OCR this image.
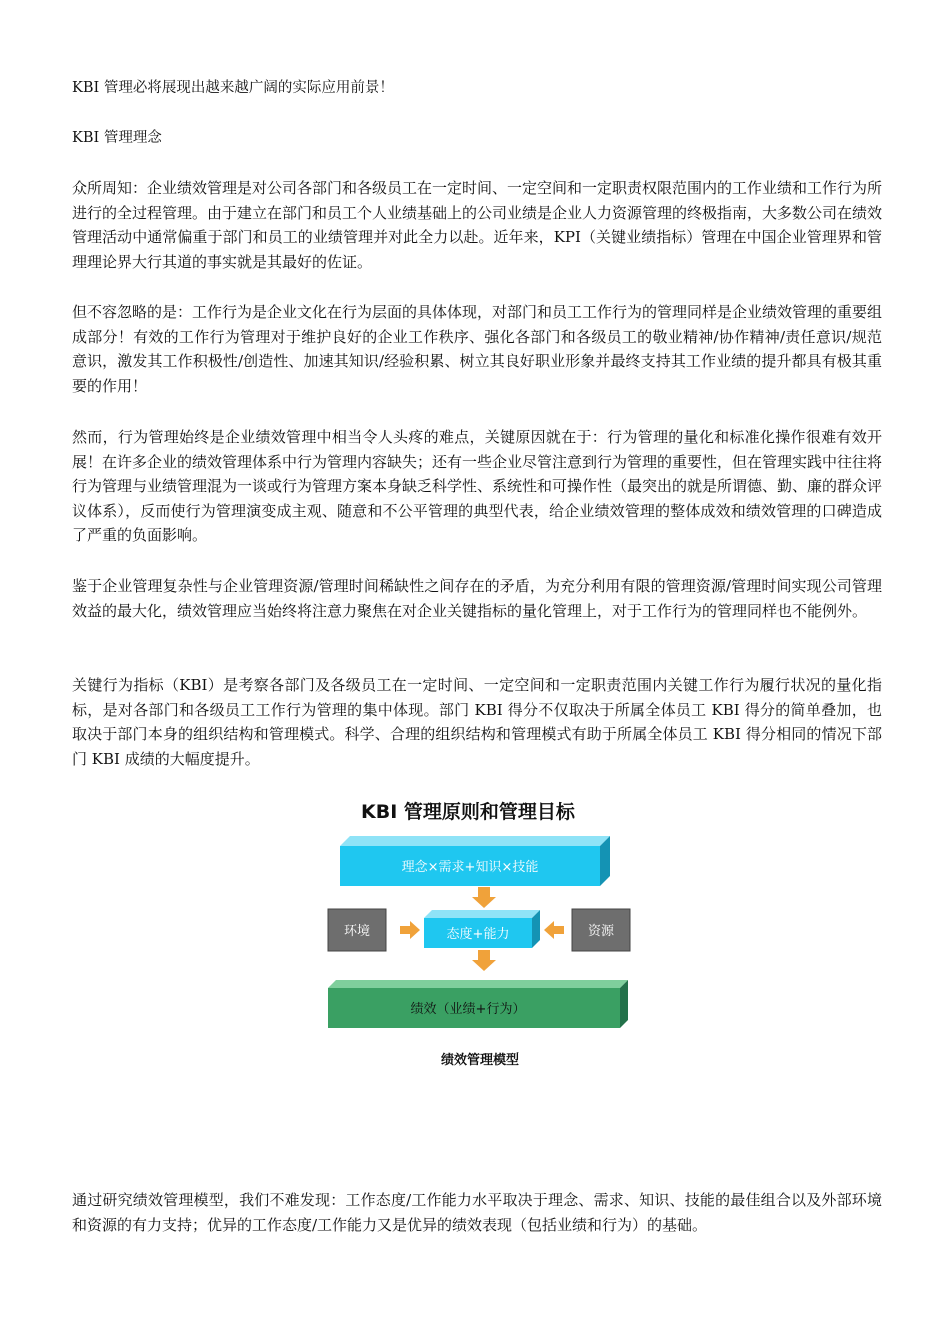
KBI 管理必将展现出越来越广阔的实际应用前景！

KBI 管理理念

众所周知：企业绩效管理是对公司各部门和各级员工在一定时间、一定空间和一定职责权限范围内的工作业绩和工作行为所进行的全过程管理。由于建立在部门和员工个人业绩基础上的公司业绩是企业人力资源管理的终极指南，大多数公司在绩效管理活动中通常偏重于部门和员工的业绩管理并对此全力以赴。近年来，KPI（关键业绩指标）管理在中国企业管理界和管理理论界大行其道的事实就是其最好的佐证。

但不容忽略的是：工作行为是企业文化在行为层面的具体体现，对部门和员工工作行为的管理同样是企业绩效管理的重要组成部分！有效的工作行为管理对于维护良好的企业工作秩序、强化各部门和各级员工的敬业精神/协作精神/责任意识/规范意识，激发其工作积极性/创造性、加速其知识/经验积累、树立其良好职业形象并最终支持其工作业绩的提升都具有极其重要的作用！

然而，行为管理始终是企业绩效管理中相当令人头疼的难点，关键原因就在于：行为管理的量化和标准化操作很难有效开展！在许多企业的绩效管理体系中行为管理内容缺失；还有一些企业尽管注意到行为管理的重要性，但在管理实践中往往将行为管理与业绩管理混为一谈或行为管理方案本身缺乏科学性、系统性和可操作性（最突出的就是所谓德、勤、廉的群众评议体系），反而使行为管理演变成主观、随意和不公平管理的典型代表，给企业绩效管理的整体成效和绩效管理的口碑造成了严重的负面影响。

鉴于企业管理复杂性与企业管理资源/管理时间稀缺性之间存在的矛盾，为充分利用有限的管理资源/管理时间实现公司管理效益的最大化，绩效管理应当始终将注意力聚焦在对企业关键指标的量化管理上，对于工作行为的管理同样也不能例外。

关键行为指标（KBI）是考察各部门及各级员工在一定时间、一定空间和一定职责范围内关键工作行为履行状况的量化指标，是对各部门和各级员工工作行为管理的集中体现。部门 KBI 得分不仅取决于所属全体员工 KBI 得分的简单叠加，也取决于部门本身的组织结构和管理模式。科学、合理的组织结构和管理模式有助于所属全体员工 KBI 得分相同的情况下部门 KBI 成绩的大幅度提升。

KBI 管理原则和管理目标
理念×需求+知识×技能
环境	态度+能力	资源
绩效（业绩+行为）
绩效管理模型

通过研究绩效管理模型，我们不难发现：工作态度/工作能力水平取决于理念、需求、知识、技能的最佳组合以及外部环境和资源的有力支持；优异的工作态度/工作能力又是优异的绩效表现（包括业绩和行为）的基础。
